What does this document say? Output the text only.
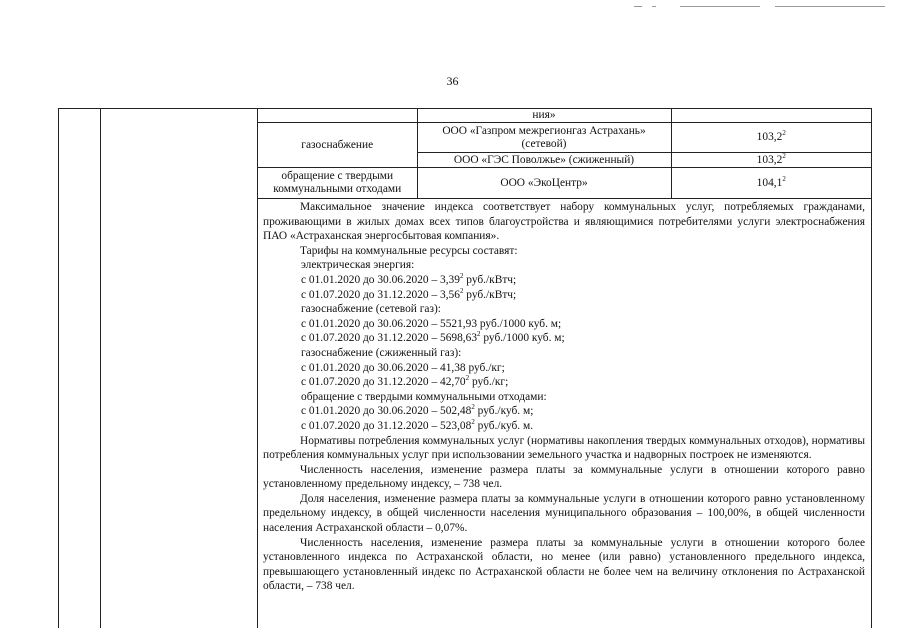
36
	ния»	
газоснабжение	ООО «Газпром межрегионгаз Астрахань» (сетевой)	103,2$^2$
	ООО «ГЭС Поволжье» (сжиженный)	103,2$^2$
обращение с твердыми коммунальными отходами	ООО «ЭкоЦентр»	104,1$^2$

Максимальное значение индекса соответствует набору коммунальных услуг, потребляемых гражданами, проживающими в жилых домах всех типов благоустройства и являющимися потребителями услуги электроснабжения ПАО «Астраханская энергосбытовая компания».

Тарифы на коммунальные ресурсы составят:

электрическая энергия:

с 01.01.2020 до 30.06.2020 – 3,39$^2$ руб./кВтч;

с 01.07.2020 до 31.12.2020 – 3,56$^2$ руб./кВтч;

газоснабжение (сетевой газ):

с 01.01.2020 до 30.06.2020 – 5521,93 руб./1000 куб. м;

с 01.07.2020 до 31.12.2020 – 5698,63$^2$ руб./1000 куб. м;

газоснабжение (сжиженный газ):

с 01.01.2020 до 30.06.2020 – 41,38 руб./кг;

с 01.07.2020 до 31.12.2020 – 42,70$^2$ руб./кг;

обращение с твердыми коммунальными отходами:

с 01.01.2020 до 30.06.2020 – 502,48$^2$ руб./куб. м;

с 01.07.2020 до 31.12.2020 – 523,08$^2$ руб./куб. м.

Нормативы потребления коммунальных услуг (нормативы накопления твердых коммунальных отходов), нормативы потребления коммунальных услуг при использовании земельного участка и надворных построек не изменяются.

Численность населения, изменение размера платы за коммунальные услуги в отношении которого равно установленному предельному индексу, – 738 чел.

Доля населения, изменение размера платы за коммунальные услуги в отношении которого равно установленному предельному индексу, в общей численности населения муниципального образования – 100,00%, в общей численности населения Астраханской области – 0,07%.

Численность населения, изменение размера платы за коммунальные услуги в отношении которого более установленного индекса по Астраханской области, но менее (или равно) установленного предельного индекса, превышающего установленный индекс по Астраханской области не более чем на величину отклонения по Астраханской области, – 738 чел.
